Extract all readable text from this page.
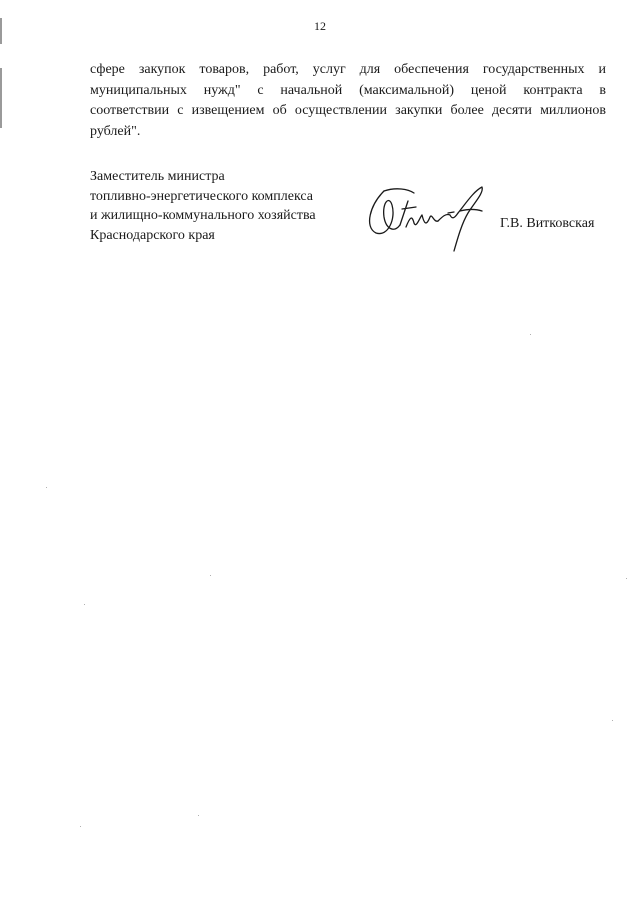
12
сфере закупок товаров, работ, услуг для обеспечения государственных и
муниципальных нужд" с начальной (максимальной) ценой контракта в
соответствии с извещением об осуществлении закупки более десяти миллионов
рублей".
Заместитель министра
топливно-энергетического комплекса
и жилищно-коммунального хозяйства
Краснодарского края
Г.В. Витковская
